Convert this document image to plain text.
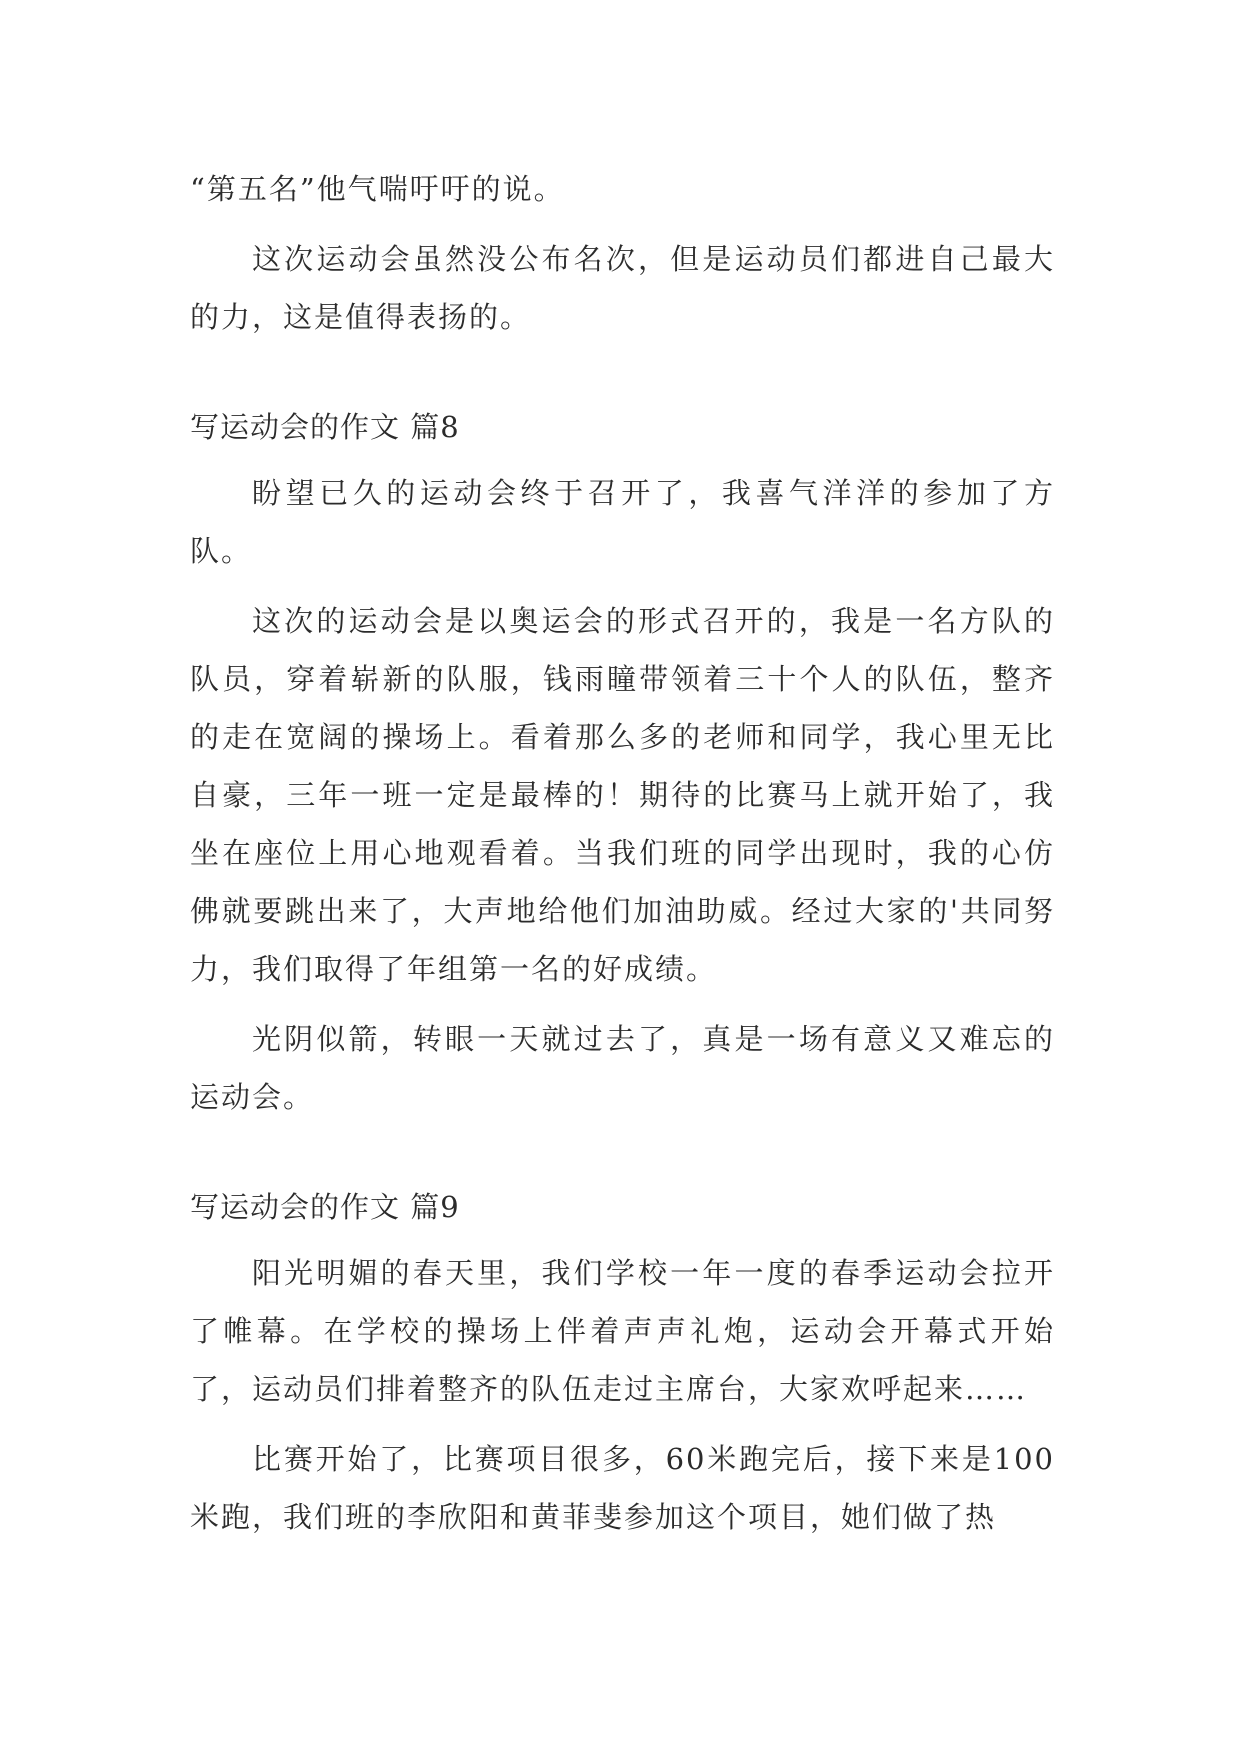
“第五名”他气喘吁吁的说。

这次运动会虽然没公布名次，但是运动员们都进自己最大的力，这是值得表扬的。

写运动会的作文 篇8

盼望已久的运动会终于召开了，我喜气洋洋的参加了方队。

这次的运动会是以奥运会的形式召开的，我是一名方队的队员，穿着崭新的队服，钱雨瞳带领着三十个人的队伍，整齐的走在宽阔的操场上。看着那么多的老师和同学，我心里无比自豪，三年一班一定是最棒的！期待的比赛马上就开始了，我坐在座位上用心地观看着。当我们班的同学出现时，我的心仿佛就要跳出来了，大声地给他们加油助威。经过大家的'共同努力，我们取得了年组第一名的好成绩。

光阴似箭，转眼一天就过去了，真是一场有意义又难忘的运动会。

写运动会的作文 篇9

阳光明媚的春天里，我们学校一年一度的春季运动会拉开了帷幕。在学校的操场上伴着声声礼炮，运动会开幕式开始了，运动员们排着整齐的队伍走过主席台，大家欢呼起来……

比赛开始了，比赛项目很多，60米跑完后，接下来是100米跑，我们班的李欣阳和黄菲斐参加这个项目，她们做了热
